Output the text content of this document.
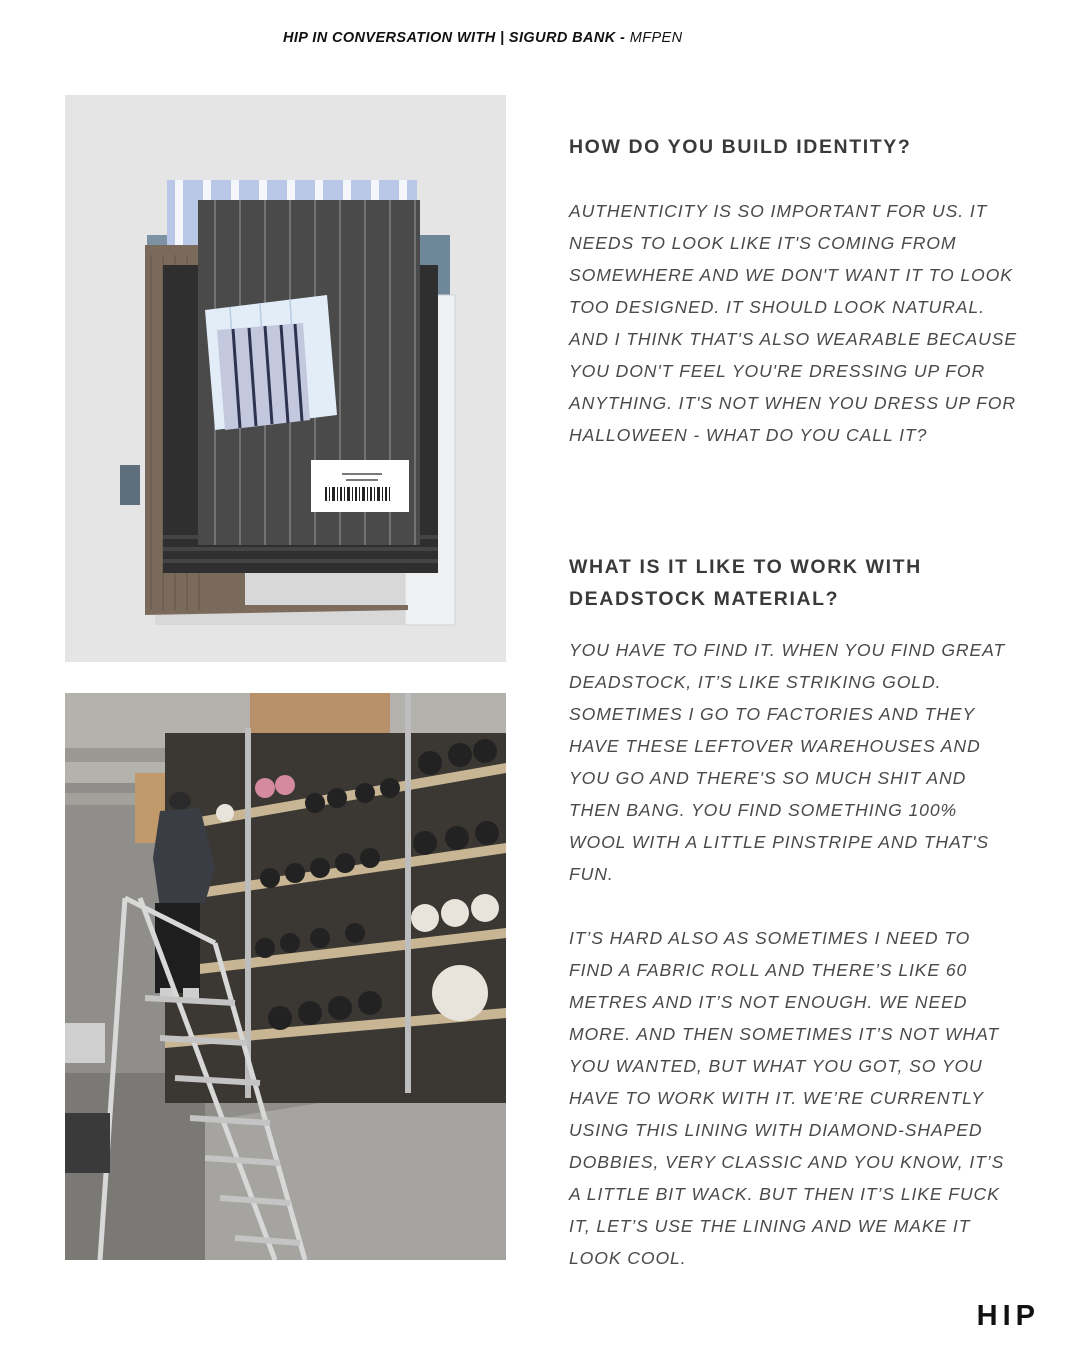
HIP IN CONVERSATION WITH | SIGURD BANK - MFPEN
HOW DO YOU BUILD IDENTITY?
AUTHENTICITY IS SO IMPORTANT FOR US. IT NEEDS TO LOOK LIKE IT'S COMING FROM SOMEWHERE AND WE DON'T WANT IT TO LOOK TOO DESIGNED. IT SHOULD LOOK NATURAL. AND I THINK THAT'S ALSO WEARABLE BECAUSE YOU DON'T FEEL YOU'RE DRESSING UP FOR ANYTHING. IT'S NOT WHEN YOU DRESS UP FOR HALLOWEEN - WHAT DO YOU CALL IT?
WHAT IS IT LIKE TO WORK WITH DEADSTOCK MATERIAL?
YOU HAVE TO FIND IT. WHEN YOU FIND GREAT DEADSTOCK, IT’S LIKE STRIKING GOLD. SOMETIMES I GO TO FACTORIES AND THEY HAVE THESE LEFTOVER WAREHOUSES AND YOU GO AND THERE'S SO MUCH SHIT AND THEN BANG. YOU FIND SOMETHING 100% WOOL WITH A LITTLE PINSTRIPE AND THAT'S FUN.
IT’S HARD ALSO AS SOMETIMES I NEED TO FIND A FABRIC ROLL AND THERE’S LIKE 60 METRES AND IT’S NOT ENOUGH. WE NEED MORE. AND THEN SOMETIMES IT’S NOT WHAT YOU WANTED, BUT WHAT YOU GOT, SO YOU HAVE TO WORK WITH IT. WE’RE CURRENTLY USING THIS LINING WITH DIAMOND-SHAPED DOBBIES, VERY CLASSIC AND YOU KNOW, IT’S A LITTLE BIT WACK. BUT THEN IT’S LIKE FUCK IT, LET’S USE THE LINING AND WE MAKE IT LOOK COOL.
HIP
